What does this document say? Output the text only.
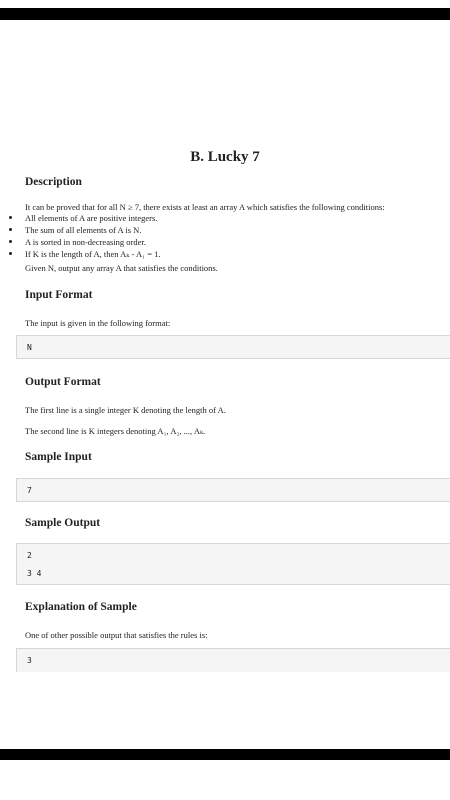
B. Lucky 7
Description
It can be proved that for all N ≥ 7, there exists at least an array A which satisfies the following conditions:
All elements of A are positive integers.
The sum of all elements of A is N.
A is sorted in non-decreasing order.
If K is the length of A, then Aₖ - A₁ = 1.
Given N, output any array A that satisfies the conditions.
Input Format
The input is given in the following format:
N
Output Format
The first line is a single integer K denoting the length of A.
The second line is K integers denoting A₁, A₂, ..., Aₖ.
Sample Input
7
Sample Output
2
3 4
Explanation of Sample
One of other possible output that satisfies the rules is:
3
